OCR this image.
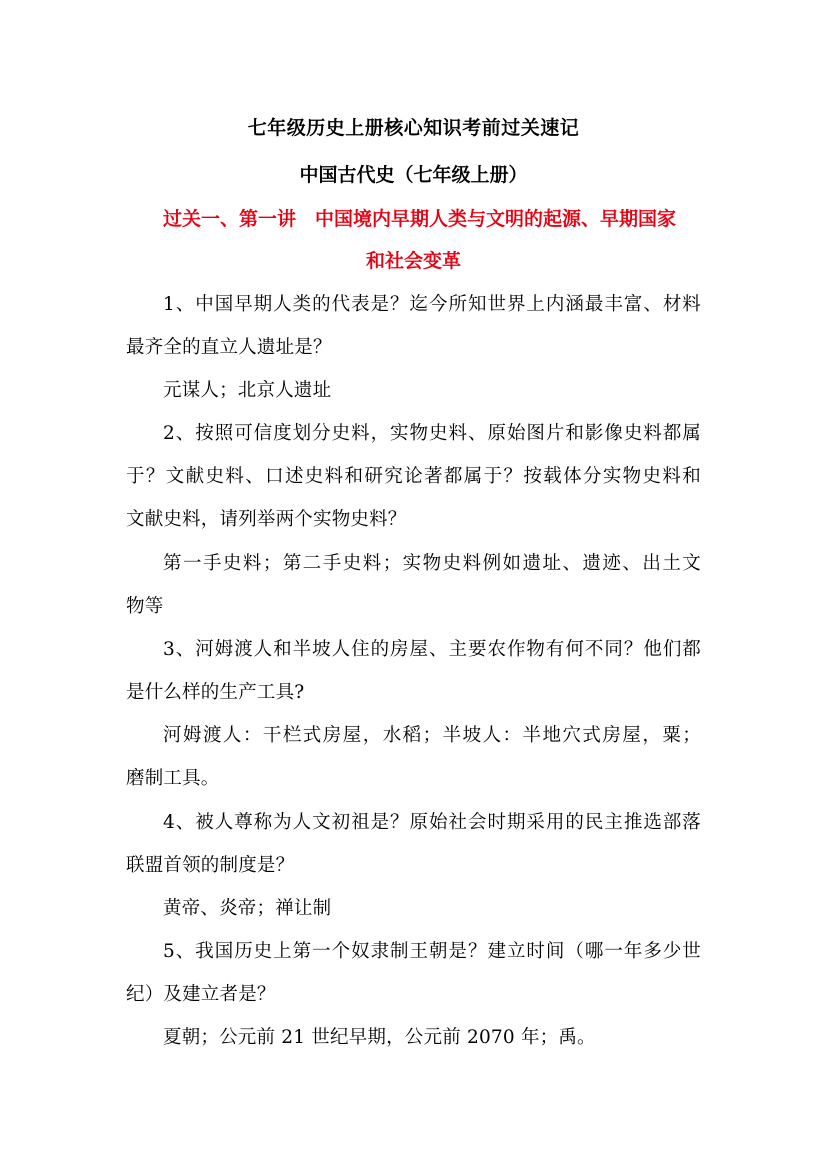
七年级历史上册核心知识考前过关速记
中国古代史（七年级上册）
过关一、第一讲　中国境内早期人类与文明的起源、早期国家
和社会变革
1、中国早期人类的代表是？迄今所知世界上内涵最丰富、材料
最齐全的直立人遗址是？
元谋人；北京人遗址
2、按照可信度划分史料，实物史料、原始图片和影像史料都属
于？文献史料、口述史料和研究论著都属于？按载体分实物史料和
文献史料，请列举两个实物史料？
第一手史料；第二手史料；实物史料例如遗址、遗迹、出土文
物等
3、河姆渡人和半坡人住的房屋、主要农作物有何不同？他们都
是什么样的生产工具?
河姆渡人：干栏式房屋，水稻；半坡人：半地穴式房屋，粟；
磨制工具。
4、被人尊称为人文初祖是？原始社会时期采用的民主推选部落
联盟首领的制度是？
黄帝、炎帝；禅让制
5、我国历史上第一个奴隶制王朝是？建立时间（哪一年多少世
纪）及建立者是？
夏朝；公元前 21 世纪早期，公元前 2070 年；禹。
